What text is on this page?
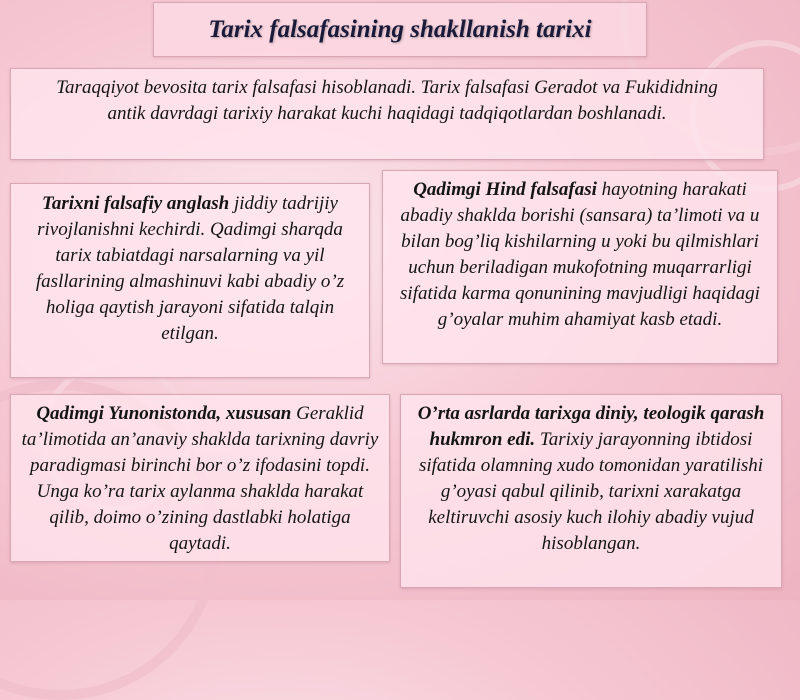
Tarix falsafasining shakllanish tarixi
Taraqqiyot bevosita tarix falsafasi hisoblanadi. Tarix falsafasi Geradot va Fukididning antik davrdagi tarixiy harakat kuchi haqidagi tadqiqotlardan boshlanadi.
Tarixni falsafiy anglash jiddiy tadrijiy rivojlanishni kechirdi. Qadimgi sharqda tarix tabiatdagi narsalarning va yil fasllarining almashinuvi kabi abadiy o’z holiga qaytish jarayoni sifatida talqin etilgan.
Qadimgi Hind falsafasi hayotning harakati abadiy shaklda borishi (sansara) ta’limoti va u bilan bog’liq kishilarning u yoki bu qilmishlari uchun beriladigan mukofotning muqarrarligi sifatida karma qonunining mavjudligi haqidagi g’oyalar muhim ahamiyat kasb etadi.
Qadimgi Yunonistonda, xususan Geraklid ta’limotida an’anaviy shaklda tarixning davriy paradigmasi birinchi bor o’z ifodasini topdi. Unga ko’ra tarix aylanma shaklda harakat qilib, doimo o’zining dastlabki holatiga qaytadi.
O’rta asrlarda tarixga diniy, teologik qarash hukmron edi. Tarixiy jarayonning ibtidosi sifatida olamning xudo tomonidan yaratilishi g’oyasi qabul qilinib, tarixni xarakatga keltiruvchi asosiy kuch ilohiy abadiy vujud hisoblangan.
